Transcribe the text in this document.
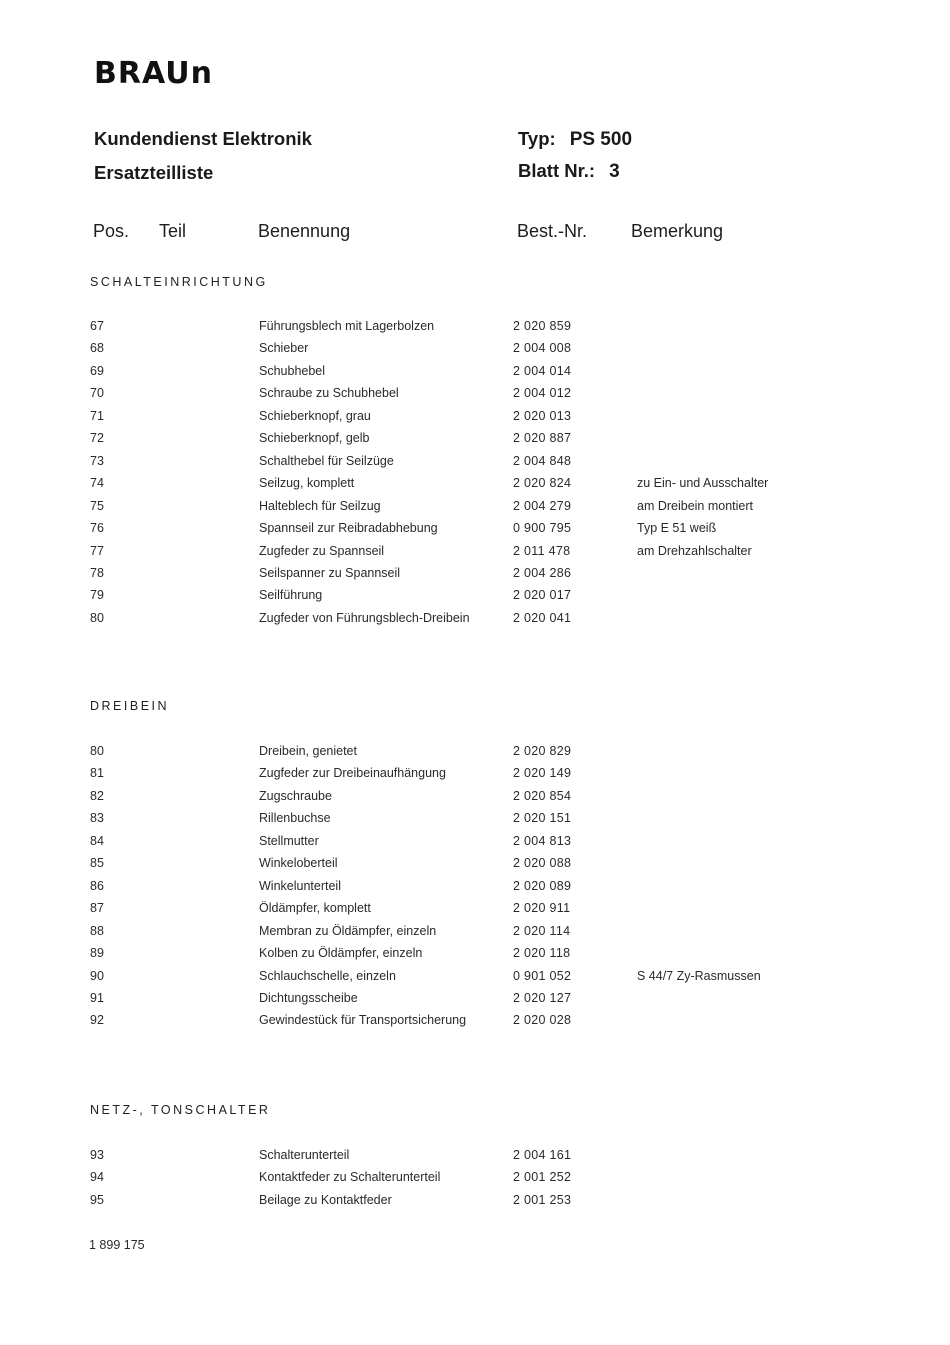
BRAUn
Kundendienst Elektronik
Ersatzteilliste
Typ: PS 500
Blatt Nr.: 3
Pos. Teil	Benennung	Best.-Nr. Bemerkung
SCHALTEINRICHTUNG
DREIBEIN
NETZ-, TONSCHALTER
67	Führungsblech mit Lagerbolzen	2 020 859
68	Schieber	2 004 008
69	Schubhebel	2 004 014
70	Schraube zu Schubhebel	2 004 012
71	Schieberknopf, grau	2 020 013
72	Schieberknopf, gelb	2 020 887
73	Schalthebel für Seilzüge	2 004 848
74	Seilzug, komplett	2 020 824	zu Ein- und Ausschalter
75	Halteblech für Seilzug	2 004 279	am Dreibein montiert
76	Spannseil zur Reibradabhebung	0 900 795	Typ E 51 weiß
77	Zugfeder zu Spannseil	2 011 478	am Drehzahlschalter
78	Seilspanner zu Spannseil	2 004 286
79	Seilführung	2 020 017
80	Zugfeder von Führungsblech-Dreibein	2 020 041
80	Dreibein, genietet	2 020 829
81	Zugfeder zur Dreibeinaufhängung	2 020 149
82	Zugschraube	2 020 854
83	Rillenbuchse	2 020 151
84	Stellmutter	2 004 813
85	Winkeloberteil	2 020 088
86	Winkelunterteil	2 020 089
87	Öldämpfer, komplett	2 020 911
88	Membran zu Öldämpfer, einzeln	2 020 114
89	Kolben zu Öldämpfer, einzeln	2 020 118
90	Schlauchschelle, einzeln	0 901 052	S 44/7 Zy-Rasmussen
91	Dichtungsscheibe	2 020 127
92	Gewindestück für Transportsicherung	2 020 028
93	Schalterunterteil	2 004 161
94	Kontaktfeder zu Schalterunterteil	2 001 252
95	Beilage zu Kontaktfeder	2 001 253
1 899 175
